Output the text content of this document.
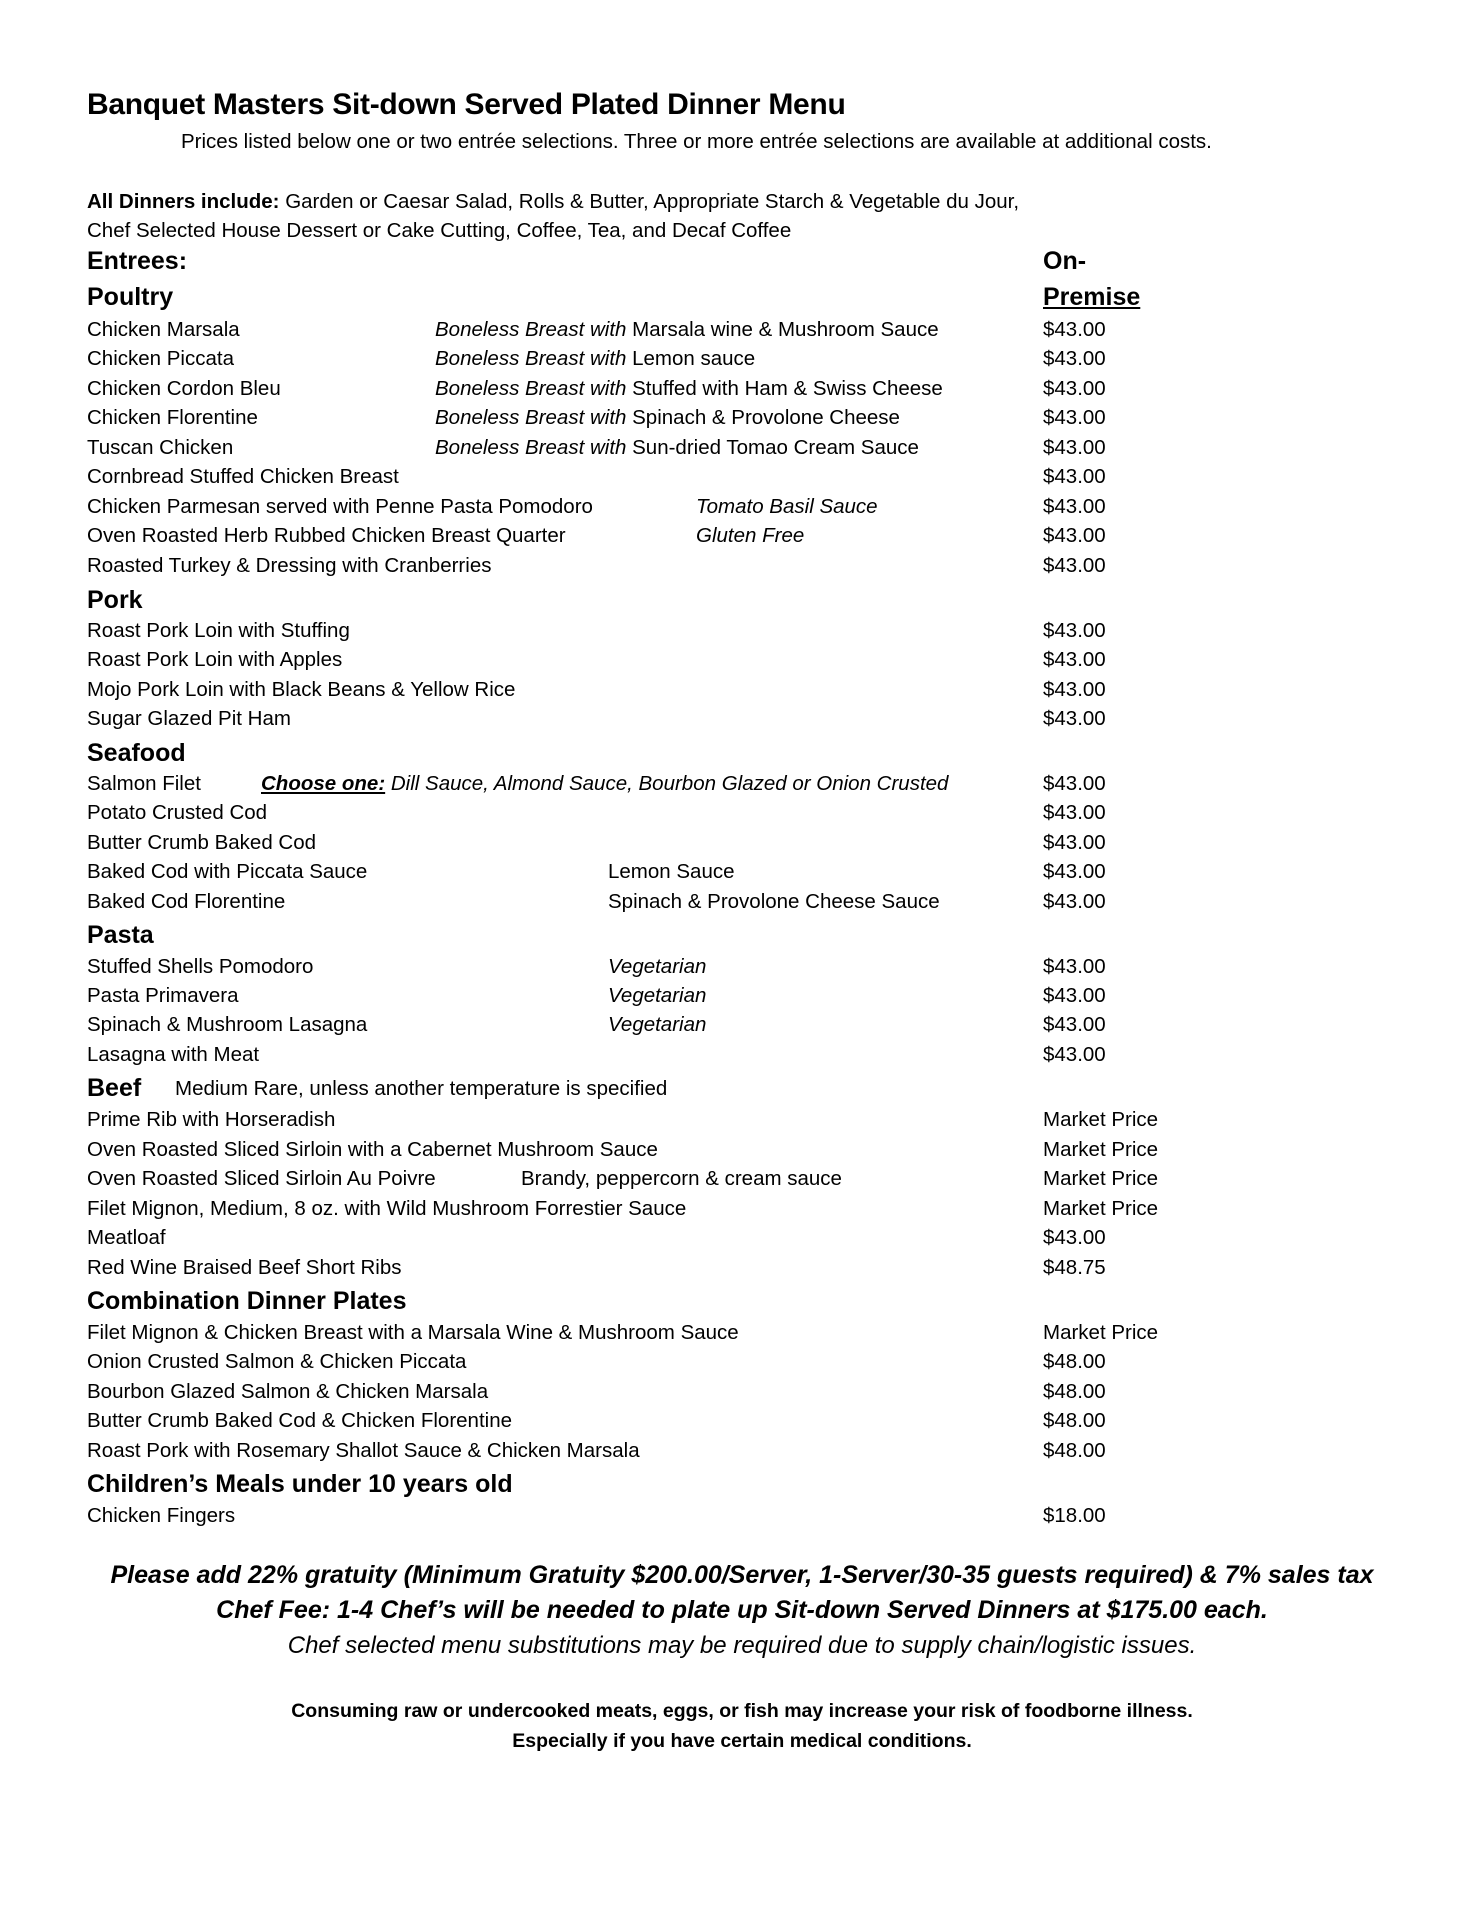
Banquet Masters Sit-down Served Plated Dinner Menu
Prices listed below one or two entrée selections. Three or more entrée selections are available at additional costs.
All Dinners include: Garden or Caesar Salad, Rolls & Butter, Appropriate Starch & Vegetable du Jour,
Chef Selected House Dessert or Cake Cutting, Coffee, Tea, and Decaf Coffee
Entrees:	On-
Poultry	Premise
Chicken Marsala	Boneless Breast with Marsala wine & Mushroom Sauce	$43.00
Chicken Piccata	Boneless Breast with Lemon sauce	$43.00
Chicken Cordon Bleu	Boneless Breast with Stuffed with Ham & Swiss Cheese	$43.00
Chicken Florentine	Boneless Breast with Spinach & Provolone Cheese	$43.00
Tuscan Chicken	Boneless Breast with Sun-dried Tomao Cream Sauce	$43.00
Cornbread Stuffed Chicken Breast	$43.00
Chicken Parmesan served with Penne Pasta Pomodoro	Tomato Basil Sauce	$43.00
Oven Roasted Herb Rubbed Chicken Breast Quarter	Gluten Free	$43.00
Roasted Turkey & Dressing with Cranberries	$43.00
Pork
Roast Pork Loin with Stuffing	$43.00
Roast Pork Loin with Apples	$43.00
Mojo Pork Loin with Black Beans & Yellow Rice	$43.00
Sugar Glazed Pit Ham	$43.00
Seafood
Salmon Filet	Choose one: Dill Sauce, Almond Sauce, Bourbon Glazed or Onion Crusted	$43.00
Potato Crusted Cod	$43.00
Butter Crumb Baked Cod	$43.00
Baked Cod with Piccata Sauce	Lemon Sauce	$43.00
Baked Cod Florentine	Spinach & Provolone Cheese Sauce	$43.00
Pasta
Stuffed Shells Pomodoro	Vegetarian	$43.00
Pasta Primavera	Vegetarian	$43.00
Spinach & Mushroom Lasagna	Vegetarian	$43.00
Lasagna with Meat	$43.00
Beef Medium Rare, unless another temperature is specified
Prime Rib with Horseradish	Market Price
Oven Roasted Sliced Sirloin with a Cabernet Mushroom Sauce	Market Price
Oven Roasted Sliced Sirloin Au Poivre	Brandy, peppercorn & cream sauce	Market Price
Filet Mignon, Medium, 8 oz. with Wild Mushroom Forrestier Sauce	Market Price
Meatloaf	$43.00
Red Wine Braised Beef Short Ribs	$48.75
Combination Dinner Plates
Filet Mignon & Chicken Breast with a Marsala Wine & Mushroom Sauce	Market Price
Onion Crusted Salmon & Chicken Piccata	$48.00
Bourbon Glazed Salmon & Chicken Marsala	$48.00
Butter Crumb Baked Cod & Chicken Florentine	$48.00
Roast Pork with Rosemary Shallot Sauce & Chicken Marsala	$48.00
Children’s Meals under 10 years old
Chicken Fingers	$18.00
Please add 22% gratuity (Minimum Gratuity $200.00/Server, 1-Server/30-35 guests required) & 7% sales tax
Chef Fee: 1-4 Chef’s will be needed to plate up Sit-down Served Dinners at $175.00 each.
Chef selected menu substitutions may be required due to supply chain/logistic issues.
Consuming raw or undercooked meats, eggs, or fish may increase your risk of foodborne illness.
Especially if you have certain medical conditions.
